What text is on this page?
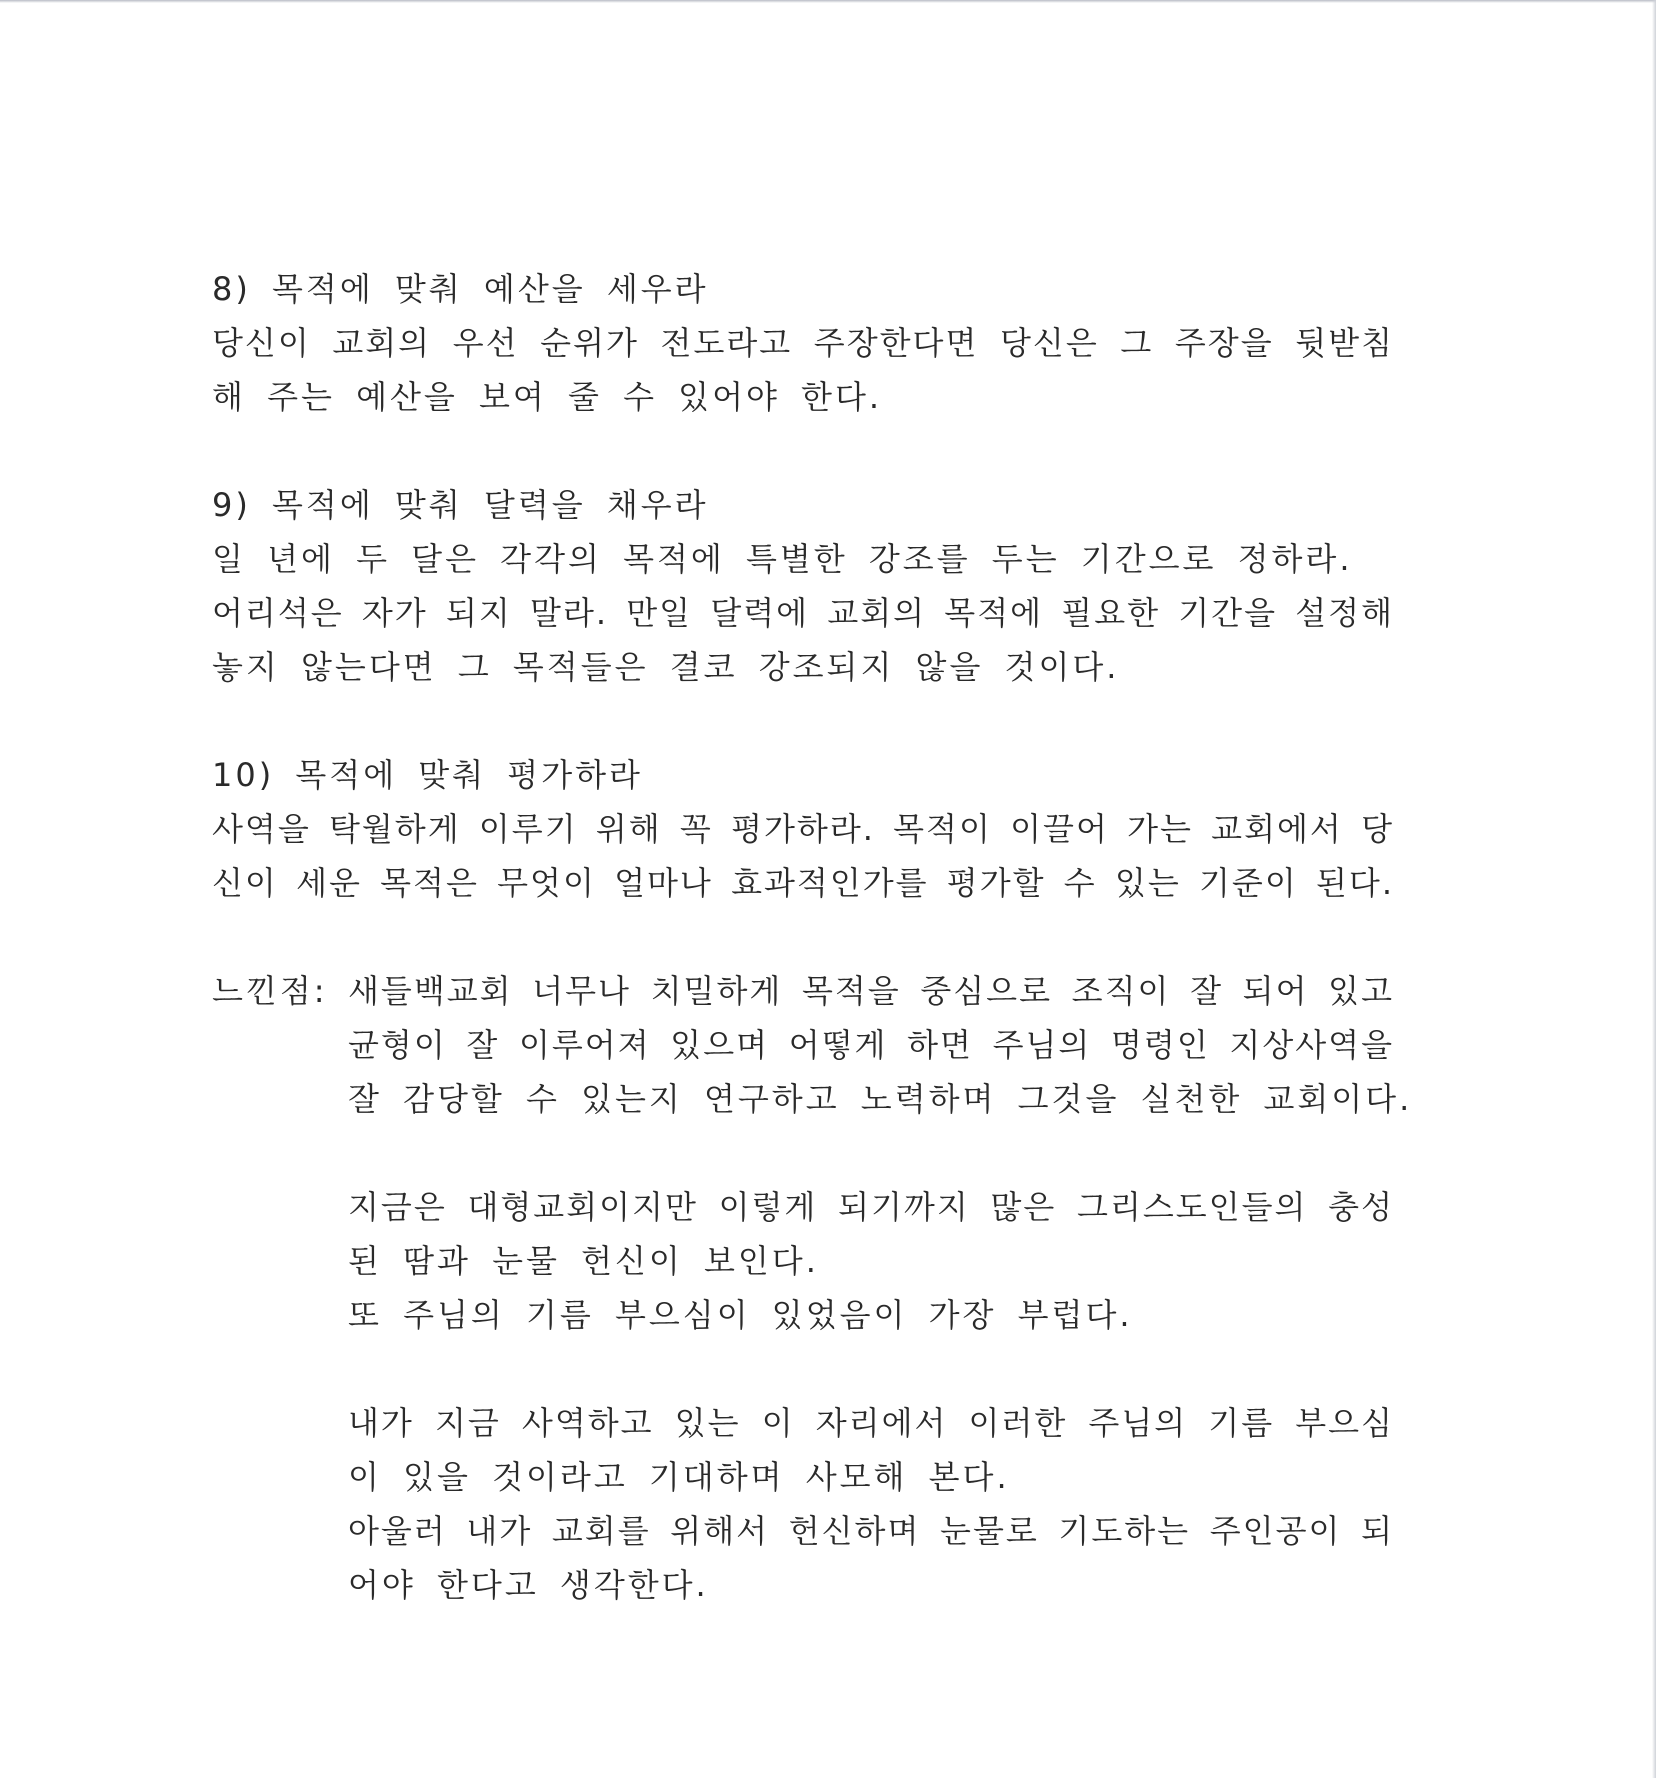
8) 목적에 맞춰 예산을 세우라
당신이 교회의 우선 순위가 전도라고 주장한다면 당신은 그 주장을 뒷받침
해 주는 예산을 보여 줄 수 있어야 한다.
9) 목적에 맞춰 달력을 채우라
일 년에 두 달은 각각의 목적에 특별한 강조를 두는 기간으로 정하라.
어리석은 자가 되지 말라. 만일 달력에 교회의 목적에 필요한 기간을 설정해
놓지 않는다면 그 목적들은 결코 강조되지 않을 것이다.
10) 목적에 맞춰 평가하라
사역을 탁월하게 이루기 위해 꼭 평가하라. 목적이 이끌어 가는 교회에서 당
신이 세운 목적은 무엇이 얼마나 효과적인가를 평가할 수 있는 기준이 된다.
느낀점: 새들백교회 너무나 치밀하게 목적을 중심으로 조직이 잘 되어 있고
균형이 잘 이루어져 있으며 어떻게 하면 주님의 명령인 지상사역을
잘 감당할 수 있는지 연구하고 노력하며 그것을 실천한 교회이다.
지금은 대형교회이지만 이렇게 되기까지 많은 그리스도인들의 충성
된 땀과 눈물 헌신이 보인다.
또 주님의 기름 부으심이 있었음이 가장 부럽다.
내가 지금 사역하고 있는 이 자리에서 이러한 주님의 기름 부으심
이 있을 것이라고 기대하며 사모해 본다.
아울러 내가 교회를 위해서 헌신하며 눈물로 기도하는 주인공이 되
어야 한다고 생각한다.
